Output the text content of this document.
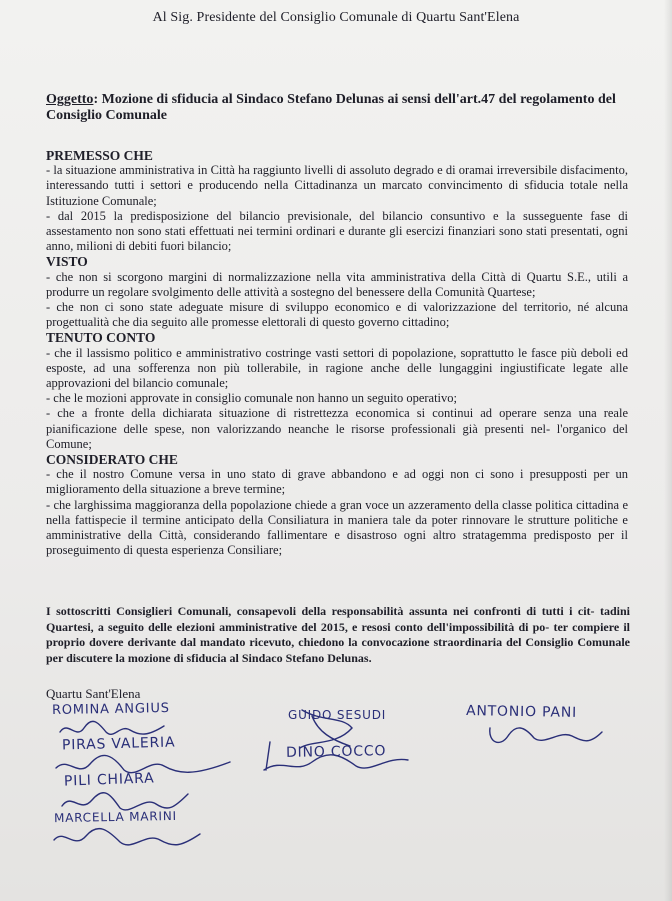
Al Sig. Presidente del Consiglio Comunale di Quartu Sant'Elena
Oggetto: Mozione di sfiducia al Sindaco Stefano Delunas ai sensi dell'art.47 del regolamento del Consiglio Comunale

PREMESSO CHE

- la situazione amministrativa in Città ha raggiunto livelli di assoluto degrado e di oramai irreversibile disfacimento, interessando tutti i settori e producendo nella Cittadinanza un marcato convincimento di sfiducia totale nella Istituzione Comunale;

- dal 2015 la predisposizione del bilancio previsionale, del bilancio consuntivo e la susseguente fase di assestamento non sono stati effettuati nei termini ordinari e durante gli esercizi finanziari sono stati presentati, ogni anno, milioni di debiti fuori bilancio;

VISTO

- che non si scorgono margini di normalizzazione nella vita amministrativa della Città di Quartu S.E., utili a produrre un regolare svolgimento delle attività a sostegno del benessere della Comunità Quartese;

- che non ci sono state adeguate misure di sviluppo economico e di valorizzazione del territorio, né alcuna progettualità che dia seguito alle promesse elettorali di questo governo cittadino;

TENUTO CONTO

- che il lassismo politico e amministrativo costringe vasti settori di popolazione, soprattutto le fasce più deboli ed esposte, ad una sofferenza non più tollerabile, in ragione anche delle lungaggini ingiustificate legate alle approvazioni del bilancio comunale;

- che le mozioni approvate in consiglio comunale non hanno un seguito operativo;

- che a fronte della dichiarata situazione di ristrettezza economica si continui ad operare senza una reale pianificazione delle spese, non valorizzando neanche le risorse professionali già presenti nel- l'organico del Comune;

CONSIDERATO CHE

- che il nostro Comune versa in uno stato di grave abbandono e ad oggi non ci sono i presupposti per un miglioramento della situazione a breve termine;

- che larghissima maggioranza della popolazione chiede a gran voce un azzeramento della classe politica cittadina e nella fattispecie il termine anticipato della Consiliatura in maniera tale da poter rinnovare le strutture politiche e amministrative della Città, considerando fallimentare e disastroso ogni altro stratagemma predisposto per il proseguimento di questa esperienza Consiliare;

I sottoscritti Consiglieri Comunali, consapevoli della responsabilità assunta nei confronti di tutti i cit- tadini Quartesi, a seguito delle elezioni amministrative del 2015, e resosi conto dell'impossibilità di po- ter compiere il proprio dovere derivante dal mandato ricevuto, chiedono la convocazione straordinaria del Consiglio Comunale per discutere la mozione di sfiducia al Sindaco Stefano Delunas.
Quartu Sant'Elena
ROMINA ANGIUS
PIRAS VALERIA
PILI CHIARA
MARCELLA MARINI
GUIDO SESUDI
DINO COCCO
ANTONIO PANI
